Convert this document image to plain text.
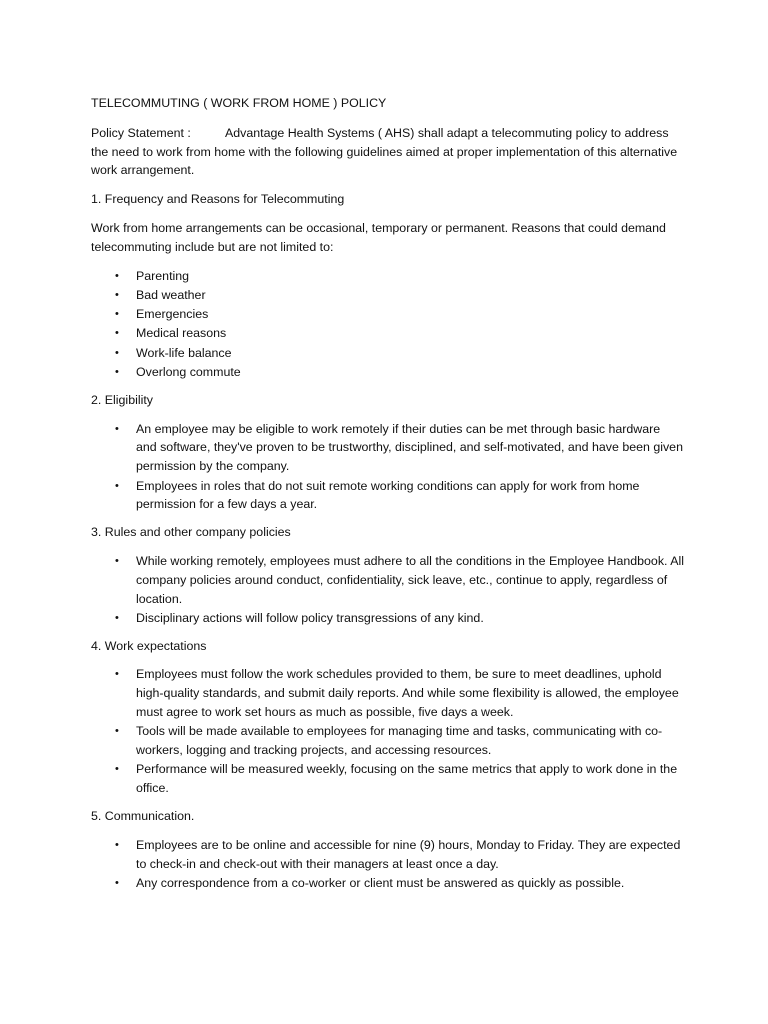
TELECOMMUTING ( WORK FROM HOME ) POLICY

Policy Statement :	Advantage Health Systems ( AHS) shall adapt a telecommuting policy to address the need to work from home with the following guidelines aimed at proper implementation of this alternative work arrangement.

1. Frequency and Reasons for Telecommuting

Work from home arrangements can be occasional, temporary or permanent. Reasons that could demand telecommuting include but are not limited to:

• Parenting
• Bad weather
• Emergencies
• Medical reasons
• Work-life balance
• Overlong commute

2. Eligibility

• An employee may be eligible to work remotely if their duties can be met through basic hardware and software, they've proven to be trustworthy, disciplined, and self-motivated, and have been given permission by the company.
• Employees in roles that do not suit remote working conditions can apply for work from home permission for a few days a year.

3. Rules and other company policies

• While working remotely, employees must adhere to all the conditions in the Employee Handbook. All company policies around conduct, confidentiality, sick leave, etc., continue to apply, regardless of location.
• Disciplinary actions will follow policy transgressions of any kind.

4. Work expectations

• Employees must follow the work schedules provided to them, be sure to meet deadlines, uphold high-quality standards, and submit daily reports. And while some flexibility is allowed, the employee must agree to work set hours as much as possible, five days a week.
• Tools will be made available to employees for managing time and tasks, communicating with co-workers, logging and tracking projects, and accessing resources.
• Performance will be measured weekly, focusing on the same metrics that apply to work done in the office.

5. Communication.

• Employees are to be online and accessible for nine (9) hours, Monday to Friday. They are expected to check-in and check-out with their managers at least once a day.
• Any correspondence from a co-worker or client must be answered as quickly as possible.
